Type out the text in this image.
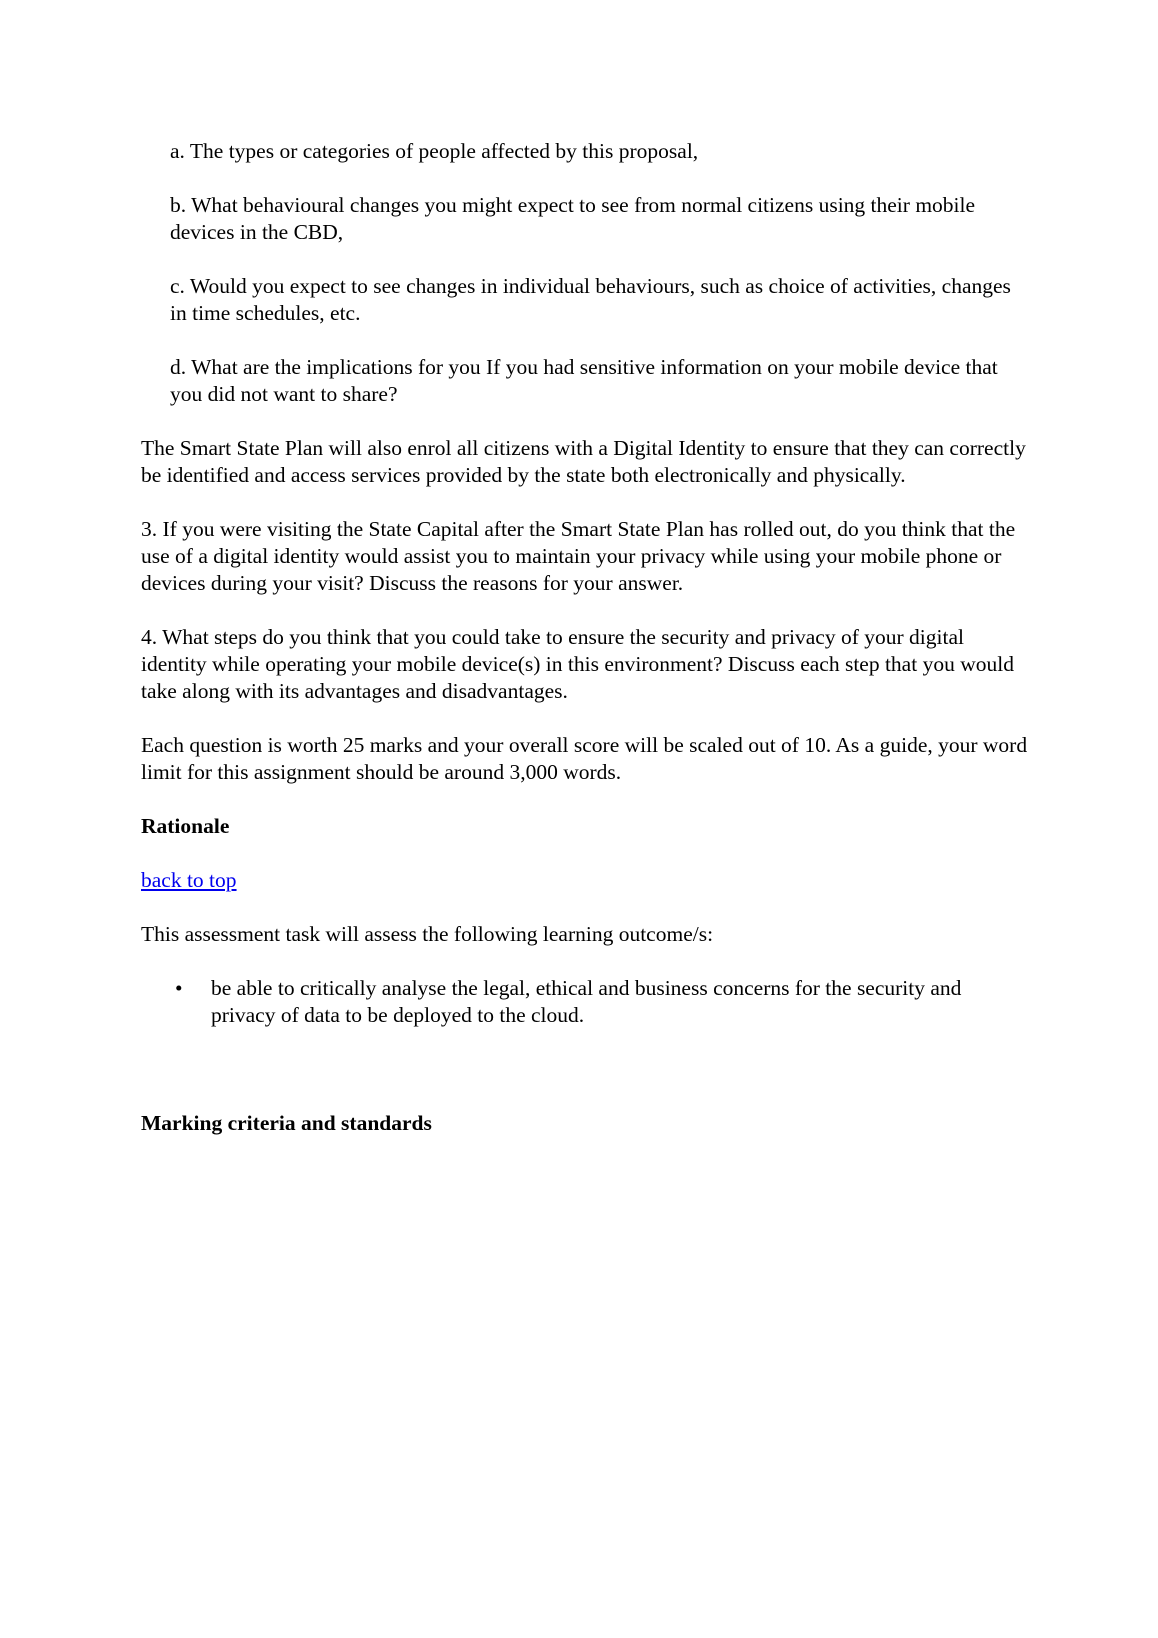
a. The types or categories of people affected by this proposal,
b. What behavioural changes you might expect to see from normal citizens using their mobile devices in the CBD,
c. Would you expect to see changes in individual behaviours, such as choice of activities, changes in time schedules, etc.
d. What are the implications for you If you had sensitive information on your mobile device that you did not want to share?

The Smart State Plan will also enrol all citizens with a Digital Identity to ensure that they can correctly be identified and access services provided by the state both electronically and physically.

3. If you were visiting the State Capital after the Smart State Plan has rolled out, do you think that the use of a digital identity would assist you to maintain your privacy while using your mobile phone or devices during your visit? Discuss the reasons for your answer.

4. What steps do you think that you could take to ensure the security and privacy of your digital identity while operating your mobile device(s) in this environment? Discuss each step that you would take along with its advantages and disadvantages.

Each question is worth 25 marks and your overall score will be scaled out of 10. As a guide, your word limit for this assignment should be around 3,000 words.

Rationale

back to top

This assessment task will assess the following learning outcome/s:

• be able to critically analyse the legal, ethical and business concerns for the security and privacy of data to be deployed to the cloud.
Marking criteria and standards
